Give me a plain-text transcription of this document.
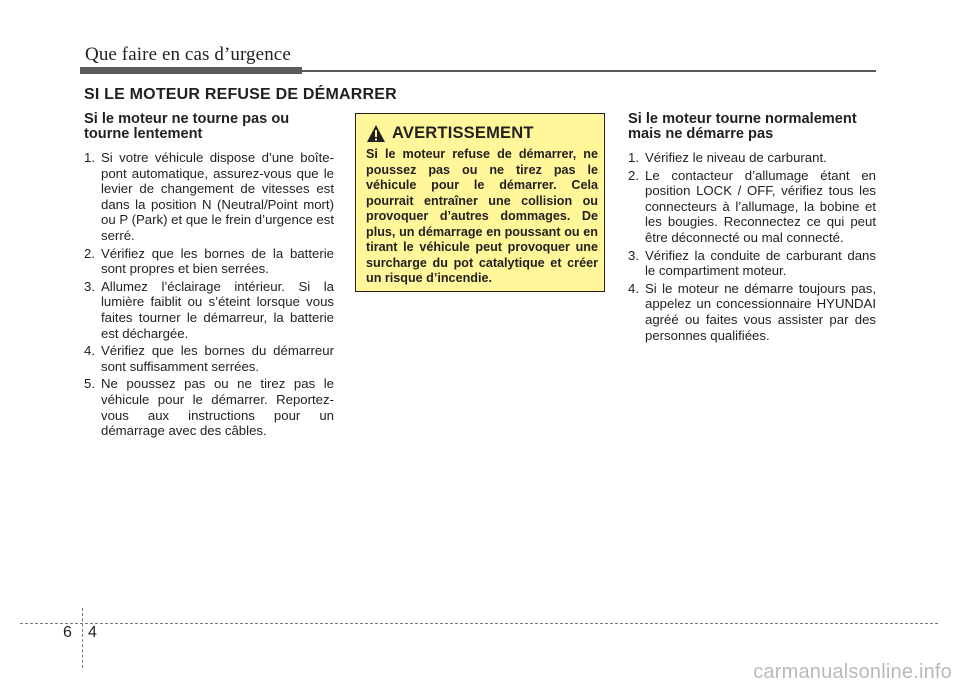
Que faire en cas d’urgence
SI LE MOTEUR REFUSE DE DÉMARRER
Si le moteur ne tourne pas ou tourne lentement
1. Si votre véhicule dispose d’une boîte-pont automatique, assurez-vous que le levier de changement de vitesses est dans la position N (Neutral/Point mort) ou P (Park) et que le frein d’urgence est serré.
2. Vérifiez que les bornes de la batterie sont propres et bien serrées.
3. Allumez l’éclairage intérieur. Si la lumière faiblit ou s’éteint lorsque vous faites tourner le démarreur, la batterie est déchargée.
4. Vérifiez que les bornes du démarreur sont suffisamment serrées.
5. Ne poussez pas ou ne tirez pas le véhicule pour le démarrer. Reportez-vous aux instructions pour un démarrage avec des câbles.
AVERTISSEMENT
Si le moteur refuse de démarrer, ne poussez pas ou ne tirez pas le véhicule pour le démarrer. Cela pourrait entraîner une collision ou provoquer d’autres dommages. De plus, un démarrage en poussant ou en tirant le véhicule peut provoquer une surcharge du pot catalytique et créer un risque d’incendie.
Si le moteur tourne normalement mais ne démarre pas
1. Vérifiez le niveau de carburant.
2. Le contacteur d’allumage étant en position LOCK / OFF, vérifiez tous les connecteurs à l’allumage, la bobine et les bougies. Reconnectez ce qui peut être déconnecté ou mal connecté.
3. Vérifiez la conduite de carburant dans le compartiment moteur.
4. Si le moteur ne démarre toujours pas, appelez un concessionnaire HYUNDAI agréé ou faites vous assister par des personnes qualifiées.
6 4
carmanualsonline.info
